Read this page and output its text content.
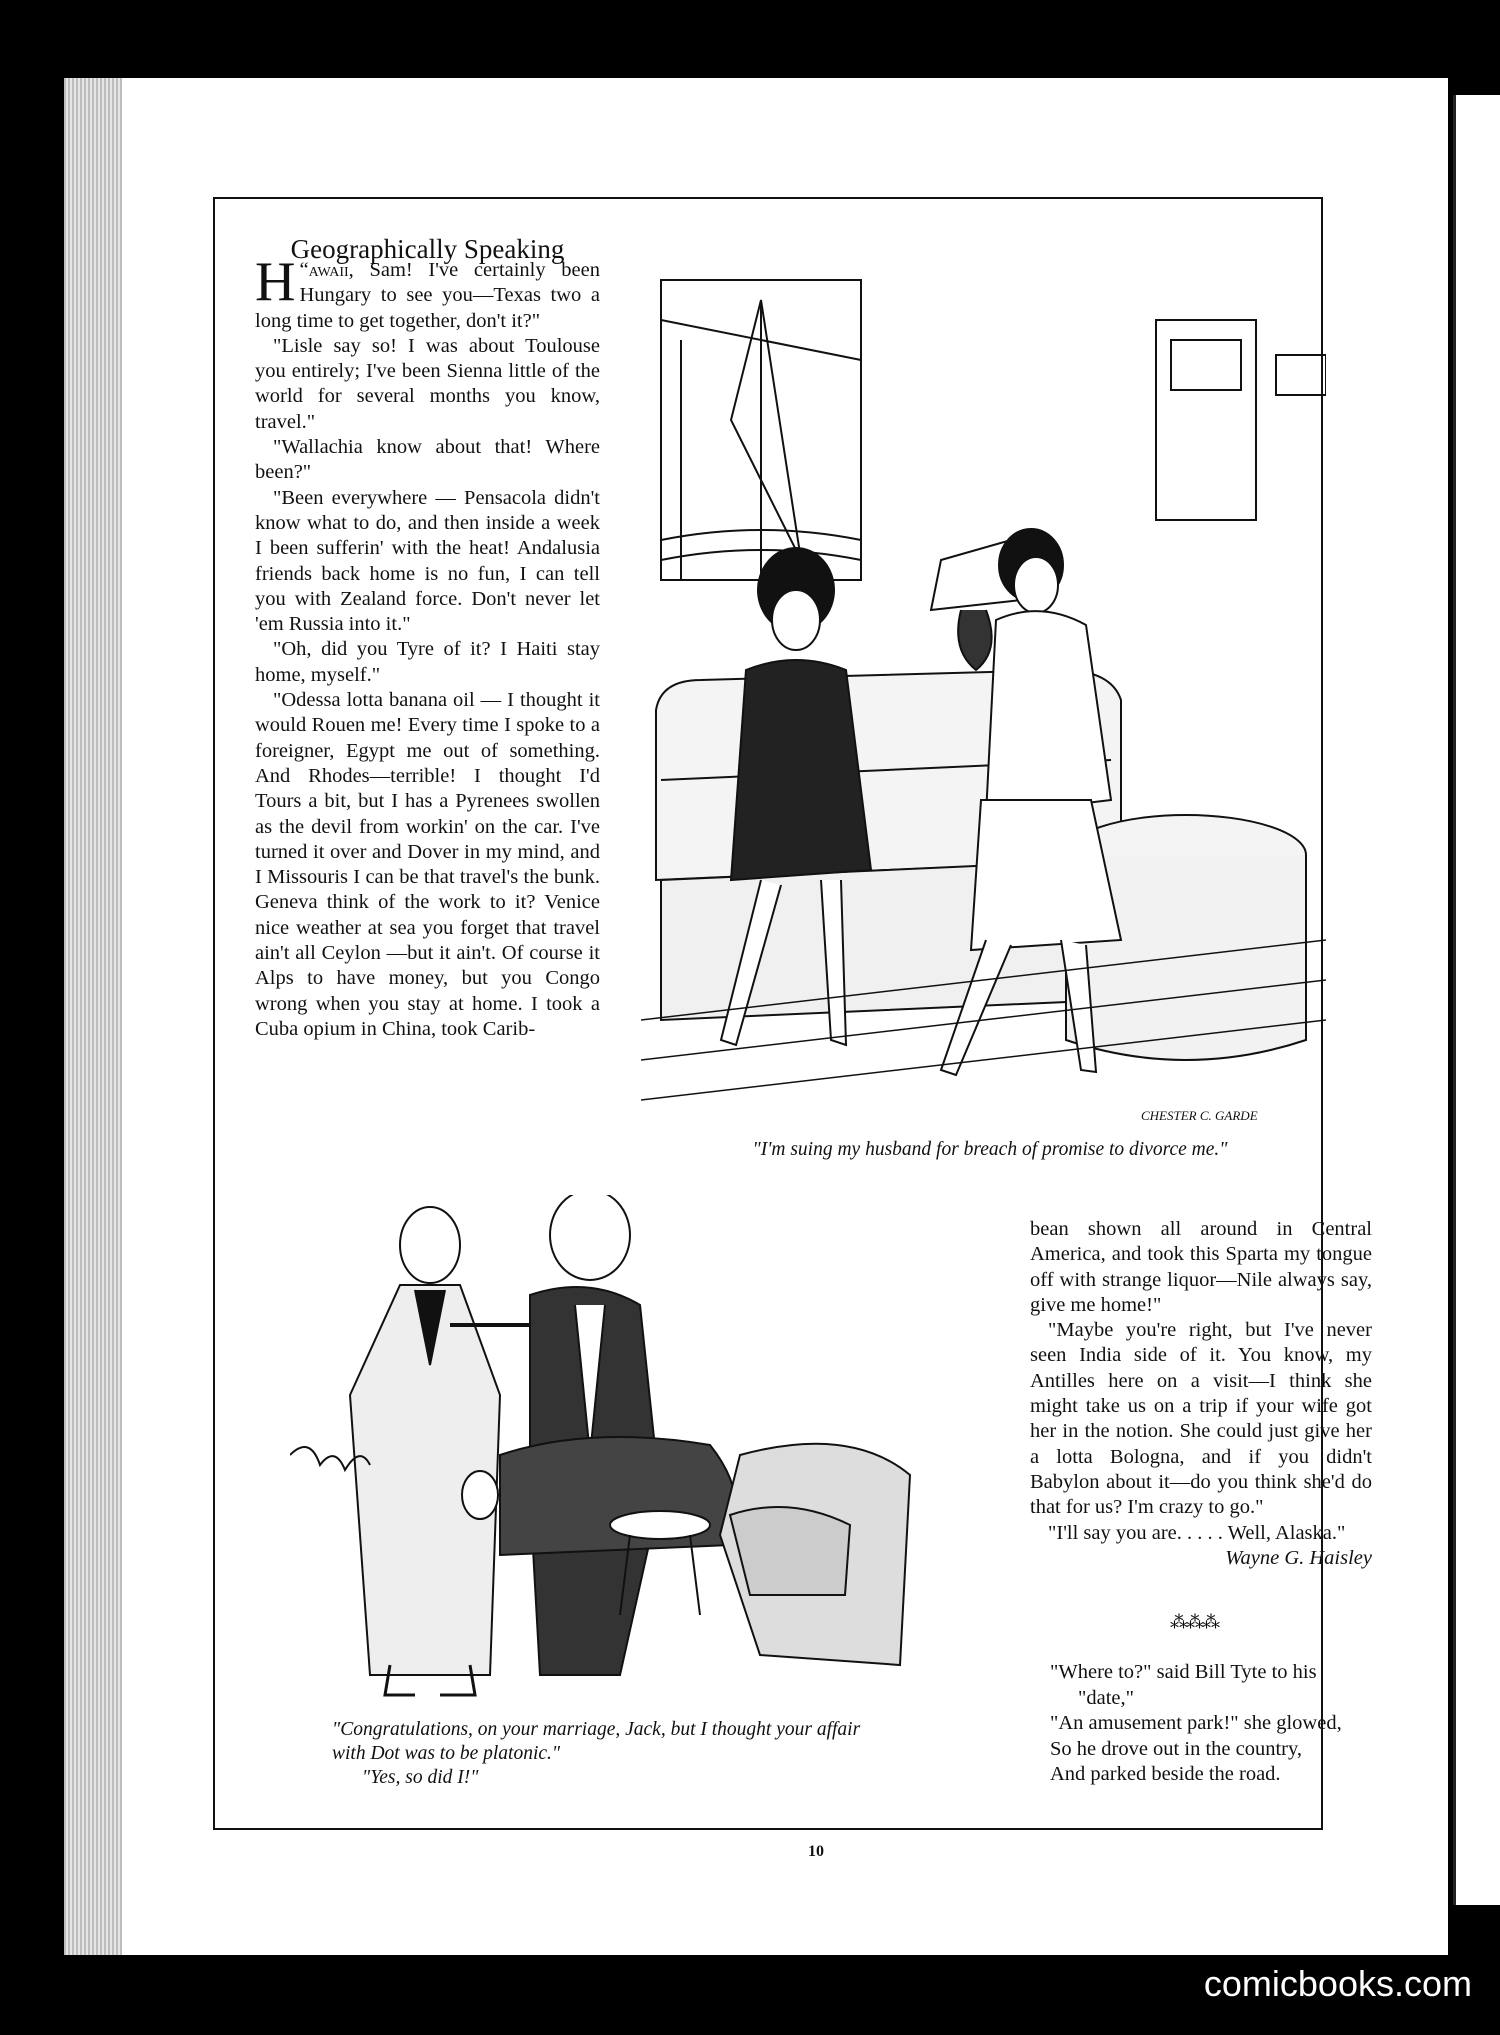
Geographically Speaking

“
H awaii, Sam! I've certainly been Hungary to see you—Texas two a long time to get together, don't it?"

"Lisle say so! I was about Toulouse you entirely; I've been Sienna little of the world for several months you know, travel."

"Wallachia know about that! Where been?"

"Been everywhere — Pensacola didn't know what to do, and then inside a week I been sufferin' with the heat! Andalusia friends back home is no fun, I can tell you with Zealand force. Don't never let 'em Russia into it."

"Oh, did you Tyre of it? I Haiti stay home, myself."

"Odessa lotta banana oil — I thought it would Rouen me! Every time I spoke to a foreigner, Egypt me out of something. And Rhodes—terrible! I thought I'd Tours a bit, but I has a Pyrenees swollen as the devil from workin' on the car. I've turned it over and Dover in my mind, and I Missouris I can be that travel's the bunk. Geneva think of the work to it? Venice nice weather at sea you forget that travel ain't all Ceylon —but it ain't. Of course it Alps to have money, but you Congo wrong when you stay at home. I took a Cuba opium in China, took Carib-

CHESTER C. GARDE
"I'm suing my husband for breach of promise to divorce me."
"Congratulations, on your marriage, Jack, but I thought your affair
with Dot was to be platonic."
"Yes, so did I!"

bean shown all around in Central America, and took this Sparta my tongue off with strange liquor—Nile always say, give me home!"

"Maybe you're right, but I've never seen India side of it. You know, my Antilles here on a visit—I think she might take us on a trip if your wife got her in the notion. She could just give her a lotta Bologna, and if you didn't Babylon about it—do you think she'd do that for us? I'm crazy to go."

"I'll say you are. . . . . Well, Alaska."
Wayne G. Haisley

⁂⁂⁂
"Where to?" said Bill Tyte to his
"date,"
"An amusement park!" she glowed,
So he drove out in the country,
And parked beside the road.
10
comicbooks.com
